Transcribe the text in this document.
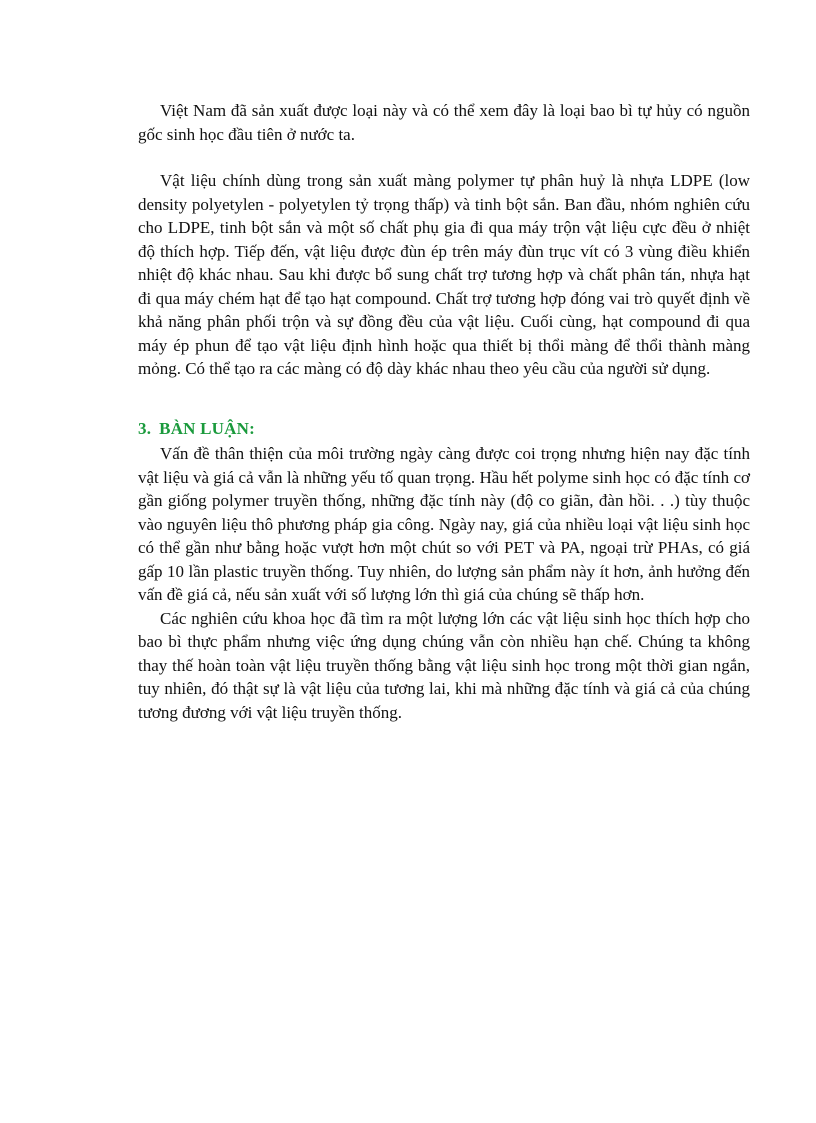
Việt Nam đã sản xuất được loại này và có thể xem đây là loại bao bì tự hủy có nguồn gốc sinh học đầu tiên ở nước ta.

Vật liệu chính dùng trong sản xuất màng polymer tự phân huỷ là nhựa LDPE (low density polyetylen - polyetylen tỷ trọng thấp) và tinh bột sắn. Ban đầu, nhóm nghiên cứu cho LDPE, tinh bột sắn và một số chất phụ gia đi qua máy trộn vật liệu cực đều ở nhiệt độ thích hợp. Tiếp đến, vật liệu được đùn ép trên máy đùn trục vít có 3 vùng điều khiển nhiệt độ khác nhau. Sau khi được bổ sung chất trợ tương hợp và chất phân tán, nhựa hạt đi qua máy chém hạt để tạo hạt compound. Chất trợ tương hợp đóng vai trò quyết định về khả năng phân phối trộn và sự đồng đều của vật liệu. Cuối cùng, hạt compound đi qua máy ép phun để tạo vật liệu định hình hoặc qua thiết bị thổi màng để thổi thành màng mỏng. Có thể tạo ra các màng có độ dày khác nhau theo yêu cầu của người sử dụng.

3. BÀN LUẬN:

Vấn đề thân thiện của môi trường ngày càng được coi trọng nhưng hiện nay đặc tính vật liệu và giá cả vẫn là những yếu tố quan trọng. Hầu hết polyme sinh học có đặc tính cơ gần giống polymer truyền thống, những đặc tính này (độ co giãn, đàn hồi. . .) tùy thuộc vào nguyên liệu thô phương pháp gia công. Ngày nay, giá của nhiều loại vật liệu sinh học có thể gần như bằng hoặc vượt hơn một chút so với PET và PA, ngoại trừ PHAs, có giá gấp 10 lần plastic truyền thống. Tuy nhiên, do lượng sản phẩm này ít hơn, ảnh hưởng đến vấn đề giá cả, nếu sản xuất với số lượng lớn thì giá của chúng sẽ thấp hơn.

Các nghiên cứu khoa học đã tìm ra một lượng lớn các vật liệu sinh học thích hợp cho bao bì thực phẩm nhưng việc ứng dụng chúng vẫn còn nhiều hạn chế. Chúng ta không thay thế hoàn toàn vật liệu truyền thống bằng vật liệu sinh học trong một thời gian ngắn, tuy nhiên, đó thật sự là vật liệu của tương lai, khi mà những đặc tính và giá cả của chúng tương đương với vật liệu truyền thống.
